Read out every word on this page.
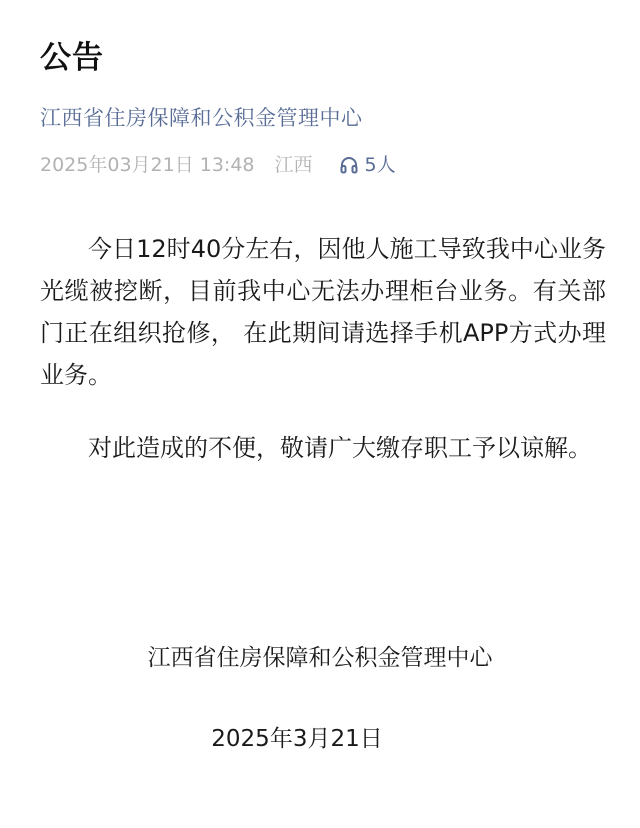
公告
江西省住房保障和公积金管理中心
2025年03月21日 13:48 江西	5人

今日12时40分左右，因他人施工导致我中心业务光缆被挖断，目前我中心无法办理柜台业务。有关部门正在组织抢修， 在此期间请选择手机APP方式办理业务。

对此造成的不便，敬请广大缴存职工予以谅解。

江西省住房保障和公积金管理中心
2025年3月21日
